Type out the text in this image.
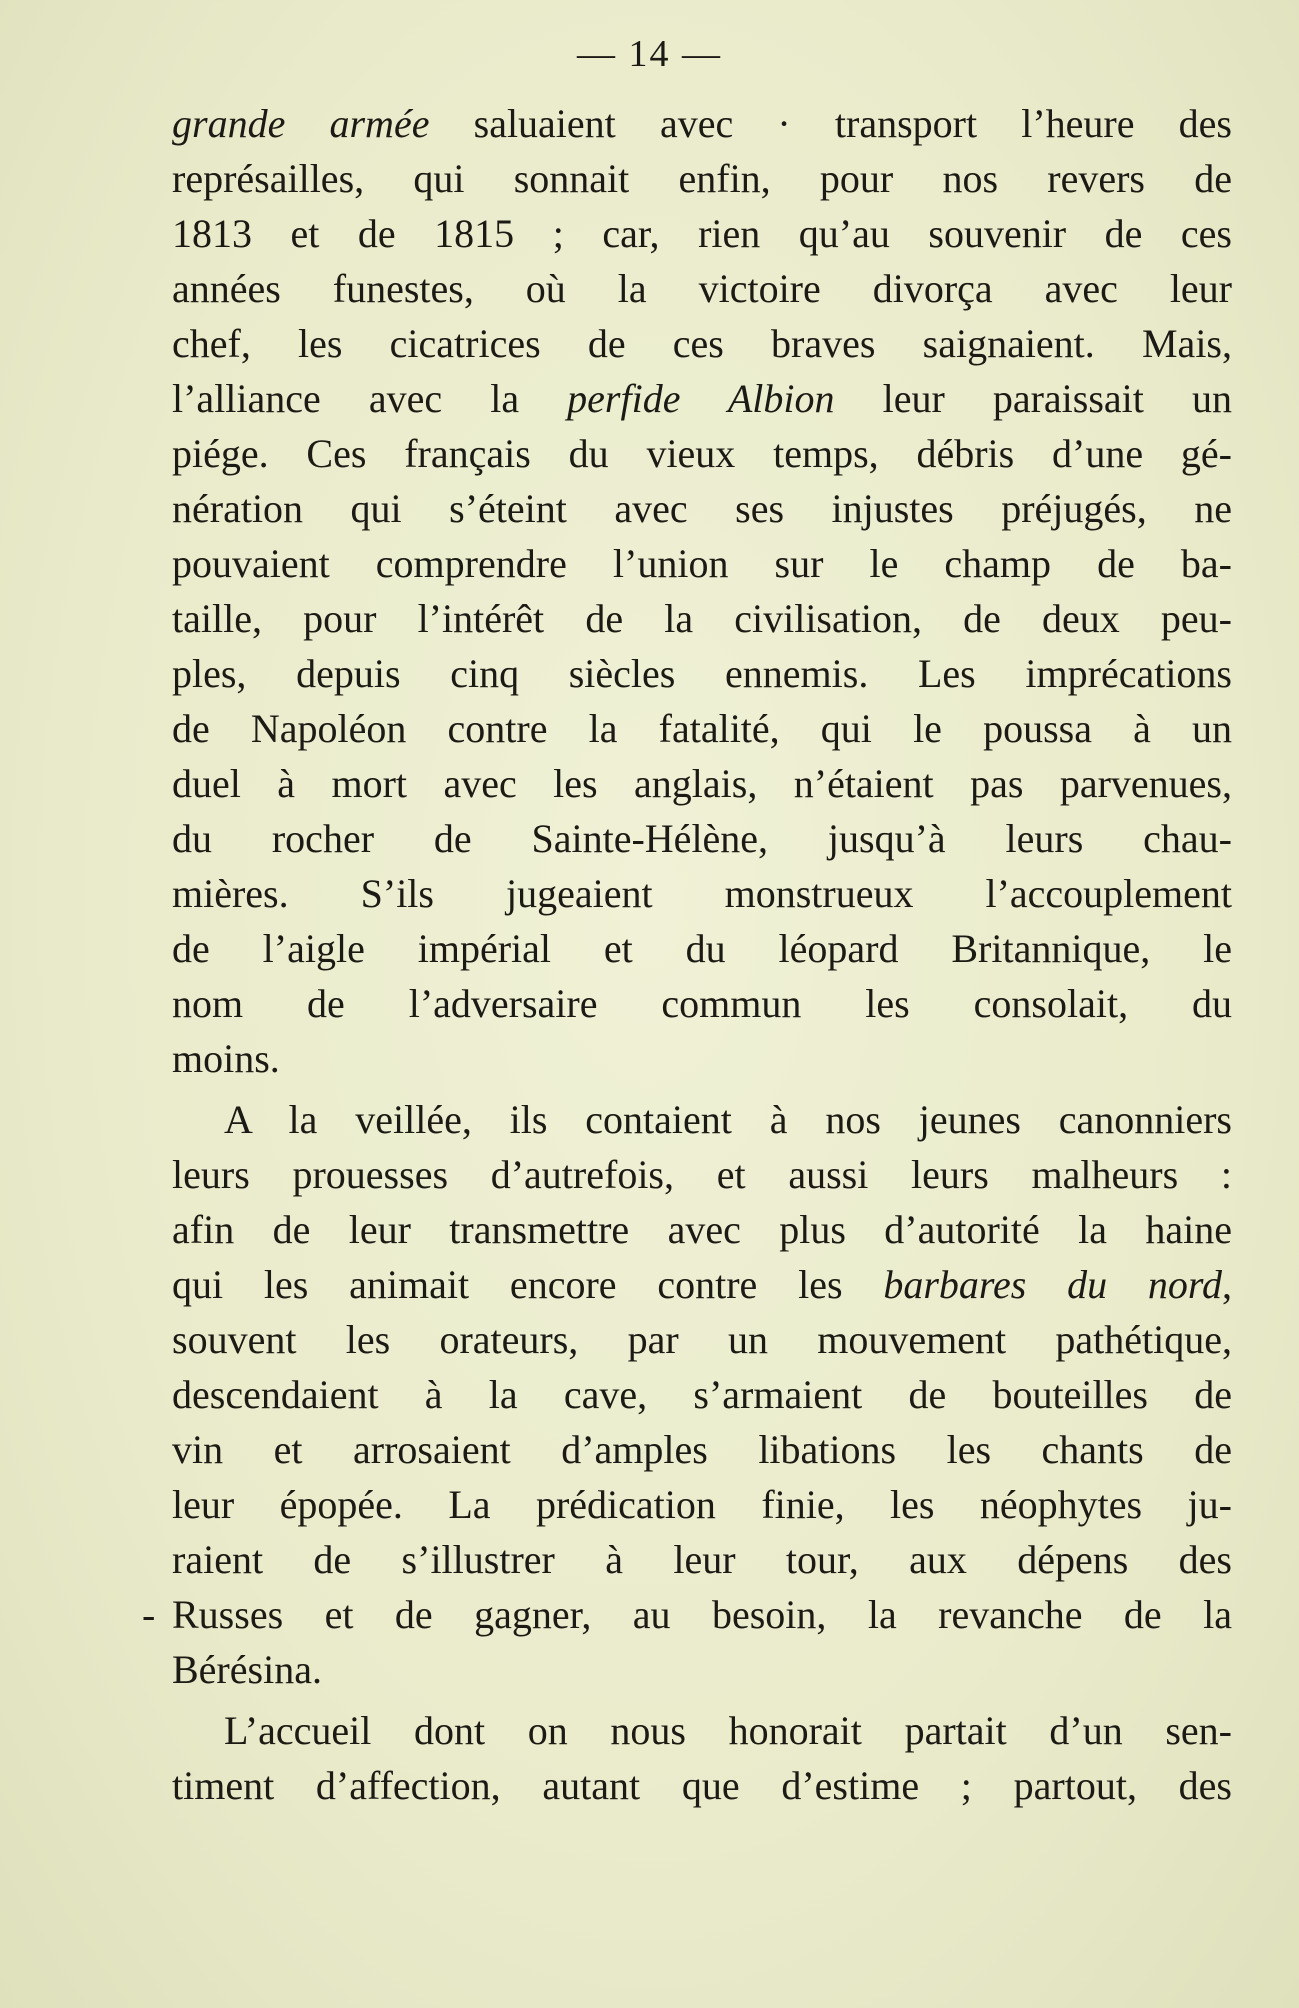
— 14 —
grande armée saluaient avec · transport l’heure des
représailles, qui sonnait enfin, pour nos revers de
1813 et de 1815 ; car, rien qu’au souvenir de ces
années funestes, où la victoire divorça avec leur
chef, les cicatrices de ces braves saignaient. Mais,
l’alliance avec la perfide Albion leur paraissait un
piége. Ces français du vieux temps, débris d’une gé-
nération qui s’éteint avec ses injustes préjugés, ne
pouvaient comprendre l’union sur le champ de ba-
taille, pour l’intérêt de la civilisation, de deux peu-
ples, depuis cinq siècles ennemis. Les imprécations
de Napoléon contre la fatalité, qui le poussa à un
duel à mort avec les anglais, n’étaient pas parvenues,
du rocher de Sainte-Hélène, jusqu’à leurs chau-
mières. S’ils jugeaient monstrueux l’accouplement
de l’aigle impérial et du léopard Britannique, le
nom de l’adversaire commun les consolait, du
moins.
A la veillée, ils contaient à nos jeunes canonniers
leurs prouesses d’autrefois, et aussi leurs malheurs :
afin de leur transmettre avec plus d’autorité la haine
qui les animait encore contre les barbares du nord,
souvent les orateurs, par un mouvement pathétique,
descendaient à la cave, s’armaient de bouteilles de
vin et arrosaient d’amples libations les chants de
leur épopée. La prédication finie, les néophytes ju-
raient de s’illustrer à leur tour, aux dépens des
- Russes et de gagner, au besoin, la revanche de la
Bérésina.
L’accueil dont on nous honorait partait d’un sen-
timent d’affection, autant que d’estime ; partout, des
